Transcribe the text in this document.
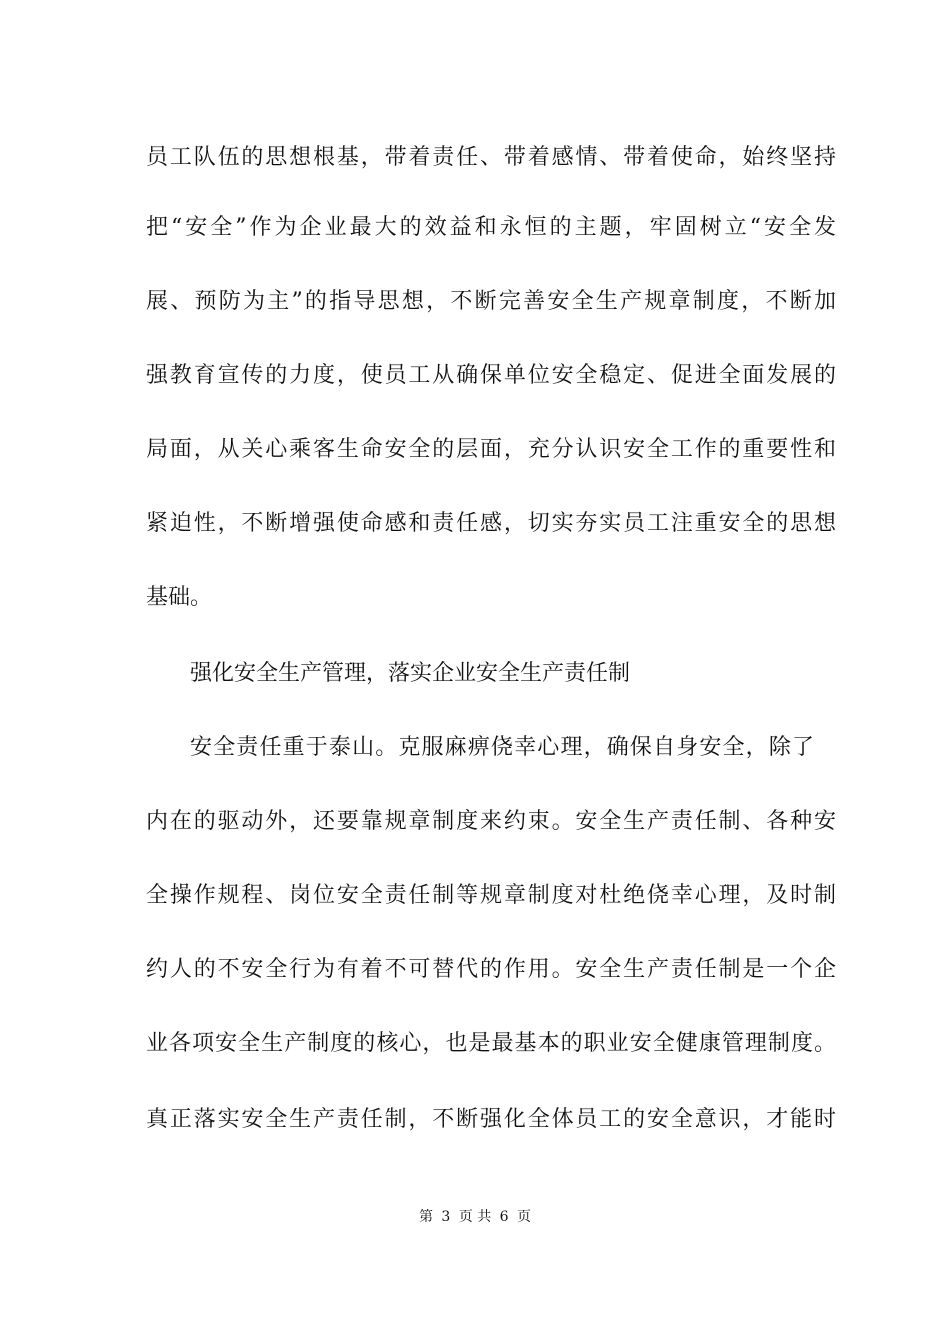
员工队伍的思想根基，带着责任、带着感情、带着使命，始终坚持
把“安全”作为企业最大的效益和永恒的主题，牢固树立“安全发
展、预防为主”的指导思想，不断完善安全生产规章制度，不断加
强教育宣传的力度，使员工从确保单位安全稳定、促进全面发展的
局面，从关心乘客生命安全的层面，充分认识安全工作的重要性和
紧迫性，不断增强使命感和责任感，切实夯实员工注重安全的思想
基础。
强化安全生产管理，落实企业安全生产责任制
安全责任重于泰山。克服麻痹侥幸心理，确保自身安全，除了
内在的驱动外，还要靠规章制度来约束。安全生产责任制、各种安
全操作规程、岗位安全责任制等规章制度对杜绝侥幸心理，及时制
约人的不安全行为有着不可替代的作用。安全生产责任制是一个企
业各项安全生产制度的核心，也是最基本的职业安全健康管理制度。
真正落实安全生产责任制，不断强化全体员工的安全意识，才能时
第 3 页 共 6 页
